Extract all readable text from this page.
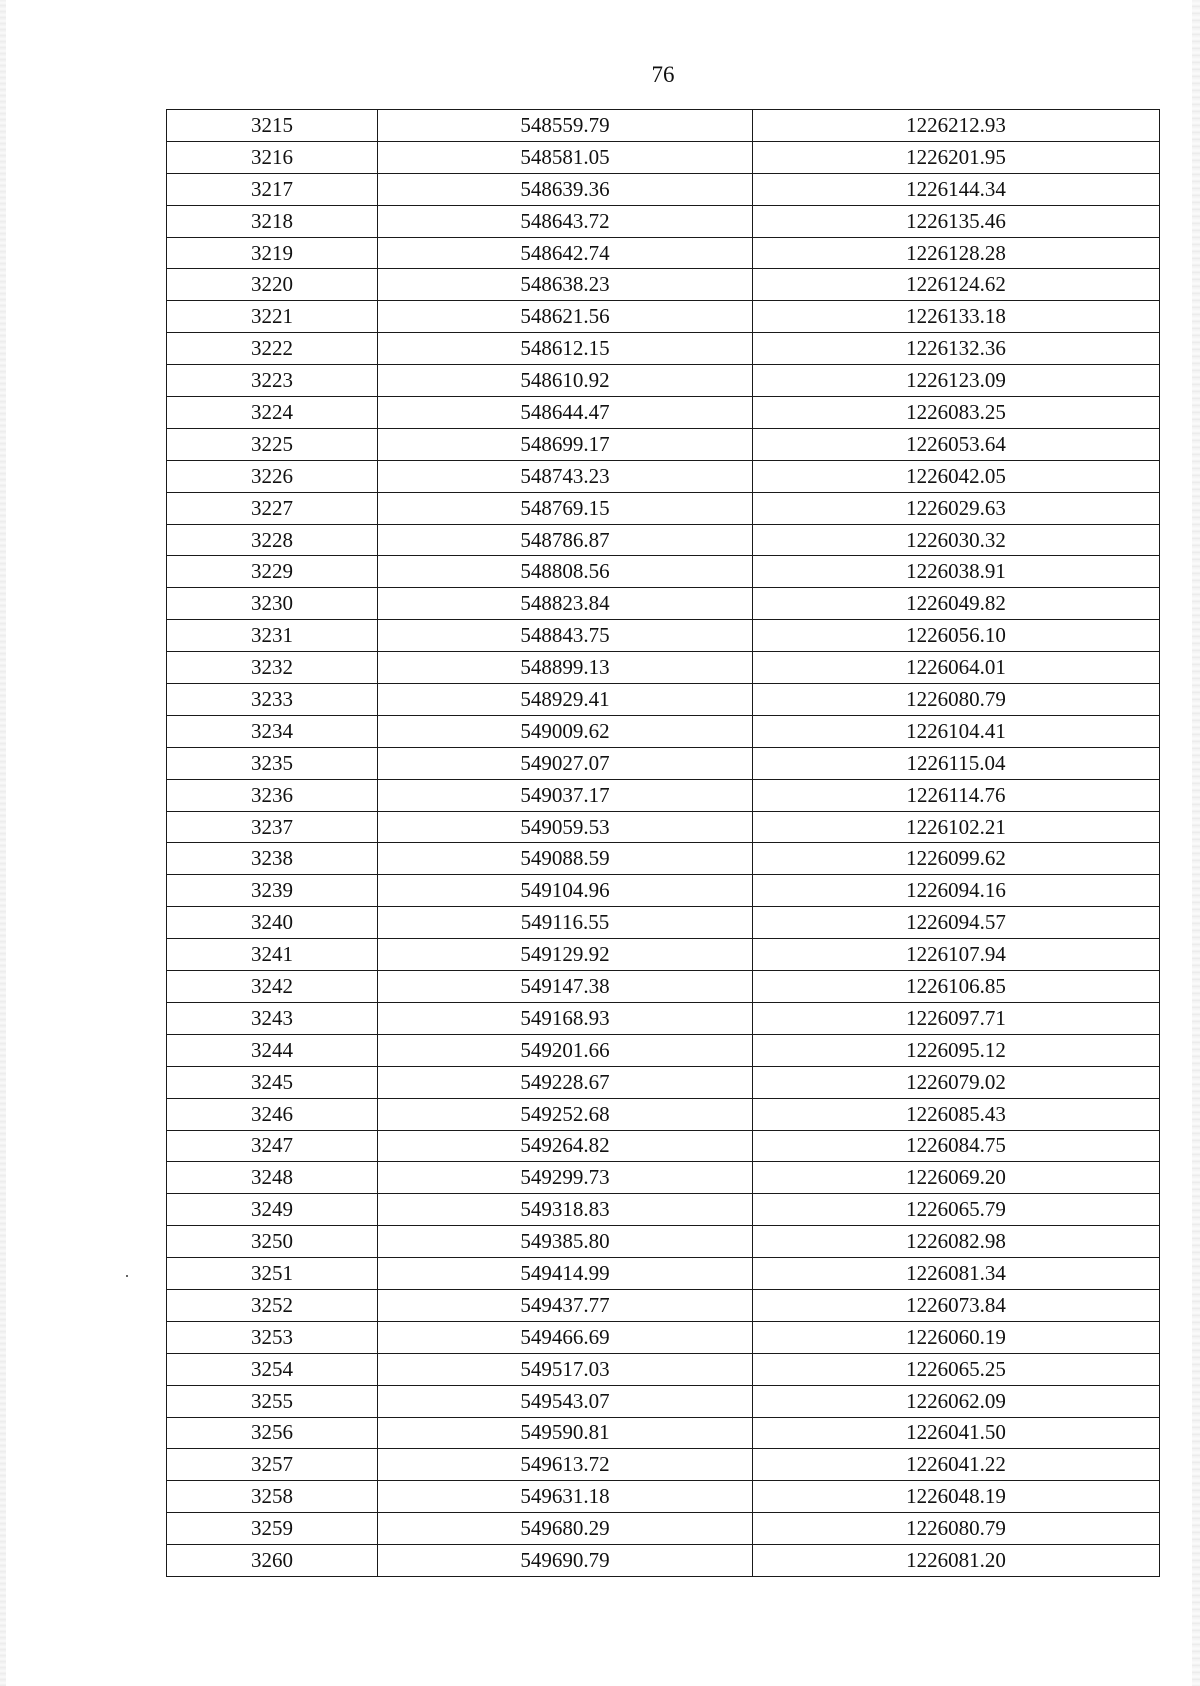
76
3215	548559.79	1226212.93
3216	548581.05	1226201.95
3217	548639.36	1226144.34
3218	548643.72	1226135.46
3219	548642.74	1226128.28
3220	548638.23	1226124.62
3221	548621.56	1226133.18
3222	548612.15	1226132.36
3223	548610.92	1226123.09
3224	548644.47	1226083.25
3225	548699.17	1226053.64
3226	548743.23	1226042.05
3227	548769.15	1226029.63
3228	548786.87	1226030.32
3229	548808.56	1226038.91
3230	548823.84	1226049.82
3231	548843.75	1226056.10
3232	548899.13	1226064.01
3233	548929.41	1226080.79
3234	549009.62	1226104.41
3235	549027.07	1226115.04
3236	549037.17	1226114.76
3237	549059.53	1226102.21
3238	549088.59	1226099.62
3239	549104.96	1226094.16
3240	549116.55	1226094.57
3241	549129.92	1226107.94
3242	549147.38	1226106.85
3243	549168.93	1226097.71
3244	549201.66	1226095.12
3245	549228.67	1226079.02
3246	549252.68	1226085.43
3247	549264.82	1226084.75
3248	549299.73	1226069.20
3249	549318.83	1226065.79
3250	549385.80	1226082.98
3251	549414.99	1226081.34
3252	549437.77	1226073.84
3253	549466.69	1226060.19
3254	549517.03	1226065.25
3255	549543.07	1226062.09
3256	549590.81	1226041.50
3257	549613.72	1226041.22
3258	549631.18	1226048.19
3259	549680.29	1226080.79
3260	549690.79	1226081.20
